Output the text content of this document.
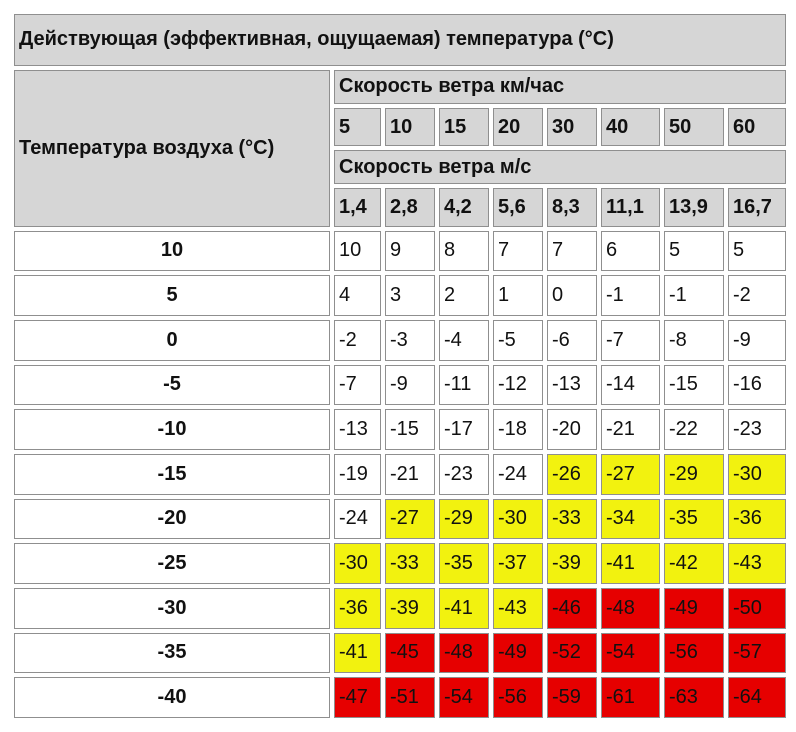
Действующая (эффективная, ощущаемая) температура (°С)								
Температура воздуха (°С)	Скорость ветра км/час							
	5	10	15	20	30	40	50	60
	Скорость ветра м/с							
	1,4	2,8	4,2	5,6	8,3	11,1	13,9	16,7
10	10	9	8	7	7	6	5	5
5	4	3	2	1	0	-1	-1	-2
0	-2	-3	-4	-5	-6	-7	-8	-9
-5	-7	-9	-11	-12	-13	-14	-15	-16
-10	-13	-15	-17	-18	-20	-21	-22	-23
-15	-19	-21	-23	-24	-26	-27	-29	-30
-20	-24	-27	-29	-30	-33	-34	-35	-36
-25	-30	-33	-35	-37	-39	-41	-42	-43
-30	-36	-39	-41	-43	-46	-48	-49	-50
-35	-41	-45	-48	-49	-52	-54	-56	-57
-40	-47	-51	-54	-56	-59	-61	-63	-64
